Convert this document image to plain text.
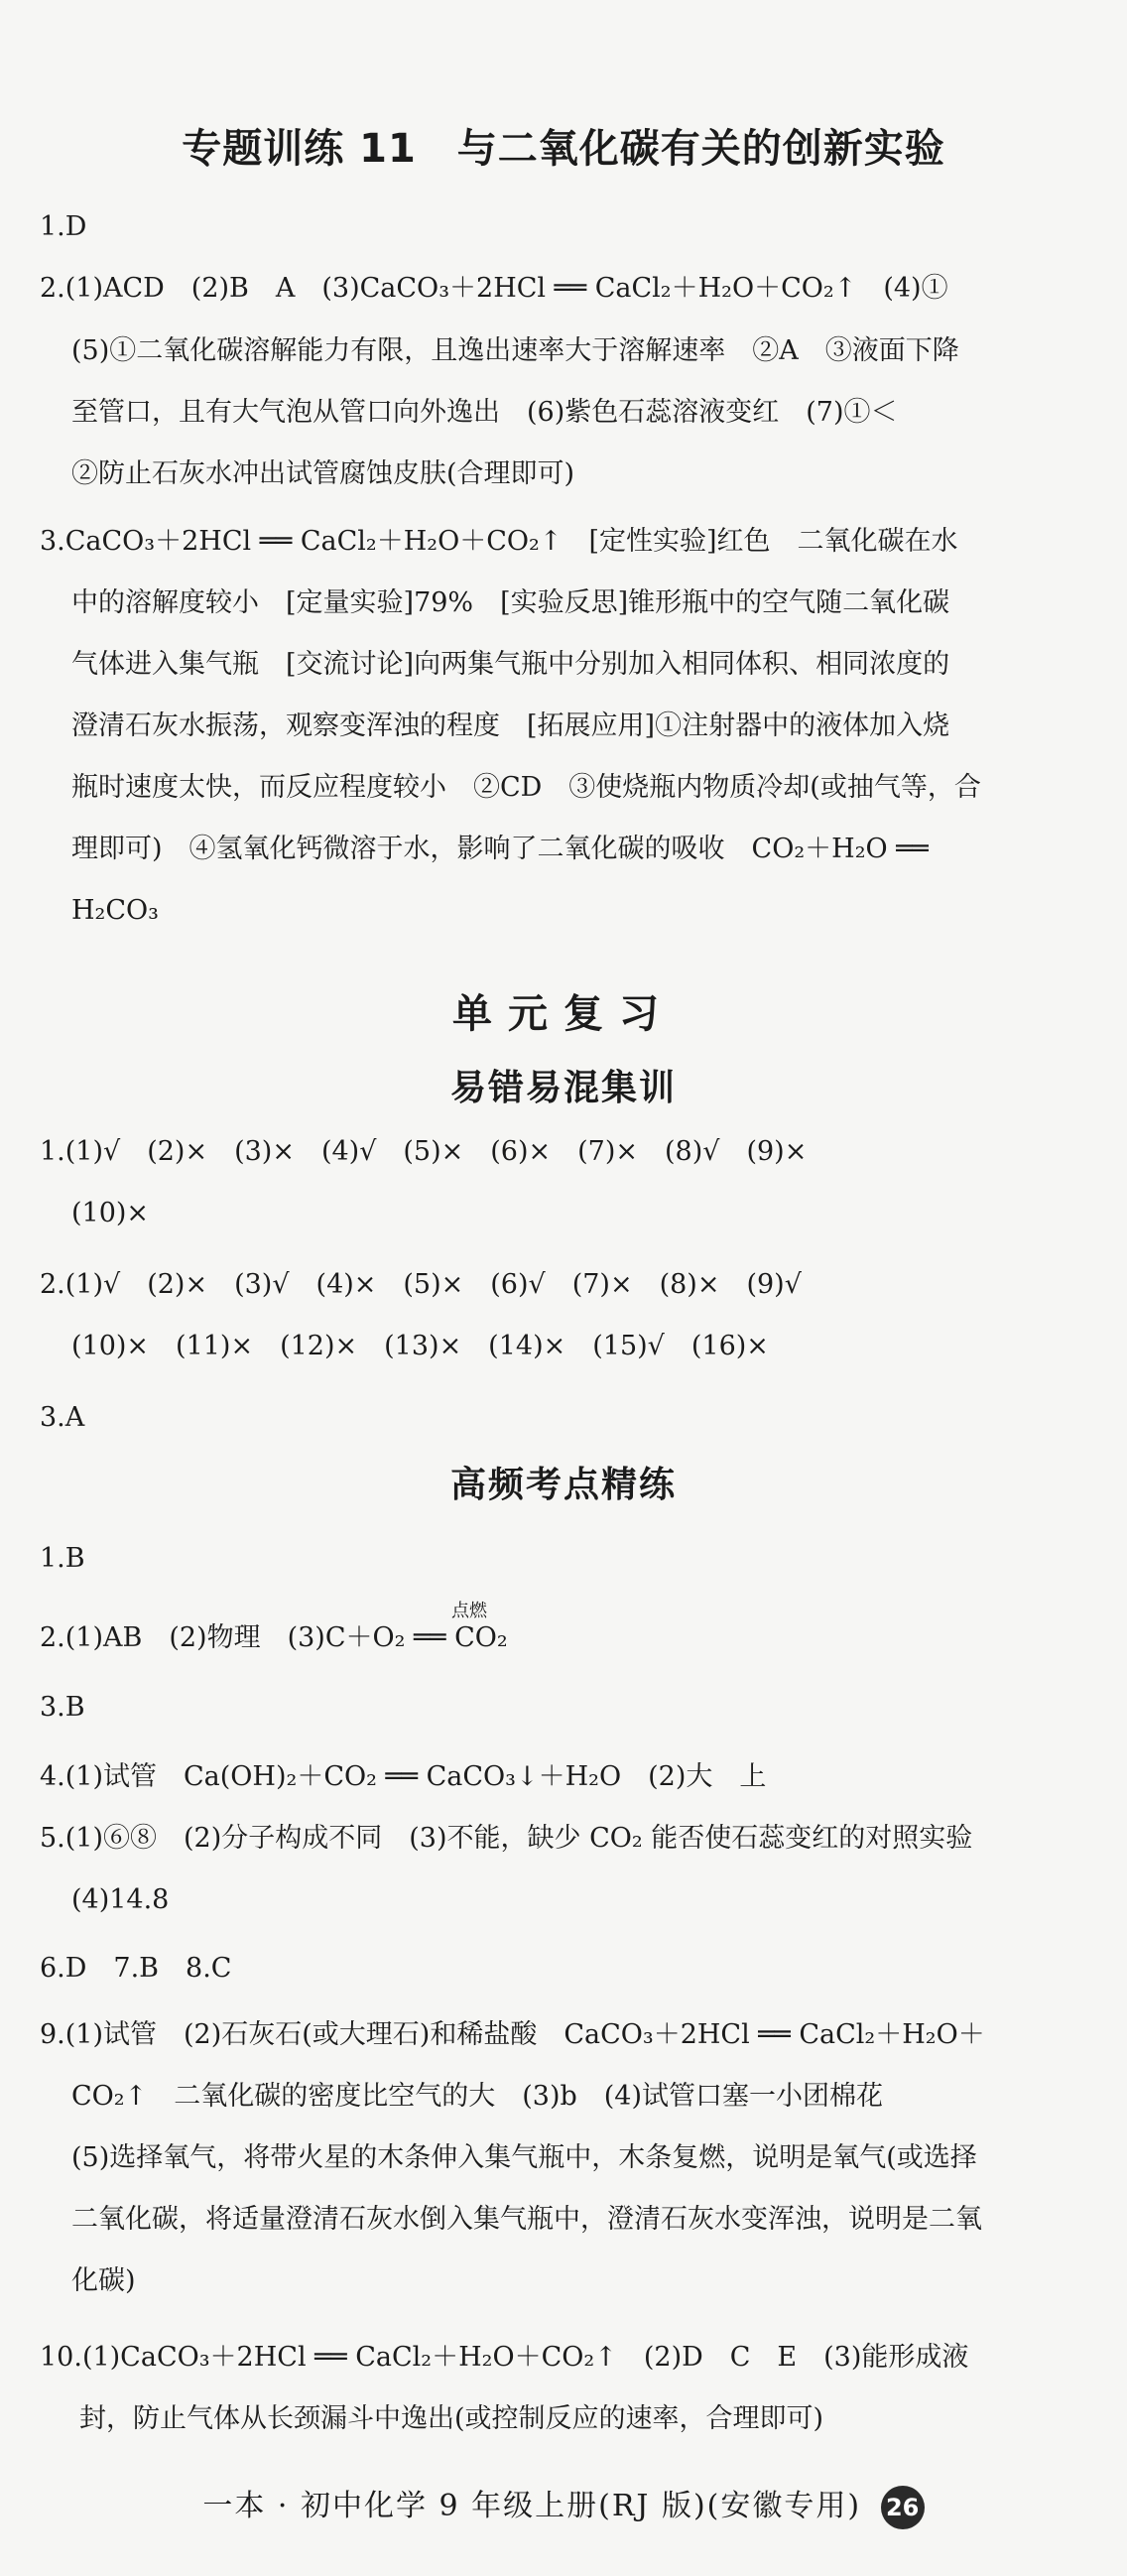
专题训练 11　与二氧化碳有关的创新实验
1.D
2.(1)ACD　(2)B　A　(3)CaCO₃＋2HCl ══ CaCl₂＋H₂O＋CO₂↑　(4)①
(5)①二氧化碳溶解能力有限，且逸出速率大于溶解速率　②A　③液面下降
至管口，且有大气泡从管口向外逸出　(6)紫色石蕊溶液变红　(7)①＜
②防止石灰水冲出试管腐蚀皮肤(合理即可)
3.CaCO₃＋2HCl ══ CaCl₂＋H₂O＋CO₂↑　[定性实验]红色　二氧化碳在水
中的溶解度较小　[定量实验]79%　[实验反思]锥形瓶中的空气随二氧化碳
气体进入集气瓶　[交流讨论]向两集气瓶中分别加入相同体积、相同浓度的
澄清石灰水振荡，观察变浑浊的程度　[拓展应用]①注射器中的液体加入烧
瓶时速度太快，而反应程度较小　②CD　③使烧瓶内物质冷却(或抽气等，合
理即可)　④氢氧化钙微溶于水，影响了二氧化碳的吸收　CO₂＋H₂O ══
H₂CO₃
单元复习
易错易混集训
1.(1)√　(2)×　(3)×　(4)√　(5)×　(6)×　(7)×　(8)√　(9)×
(10)×
2.(1)√　(2)×　(3)√　(4)×　(5)×　(6)√　(7)×　(8)×　(9)√
(10)×　(11)×　(12)×　(13)×　(14)×　(15)√　(16)×
3.A
高频考点精练
1.B
2.(1)AB　(2)物理　(3)C＋O₂ ══ CO₂
点燃
3.B
4.(1)试管　Ca(OH)₂＋CO₂ ══ CaCO₃↓＋H₂O　(2)大　上
5.(1)⑥⑧　(2)分子构成不同　(3)不能，缺少 CO₂ 能否使石蕊变红的对照实验
(4)14.8
6.D　7.B　8.C
9.(1)试管　(2)石灰石(或大理石)和稀盐酸　CaCO₃＋2HCl ══ CaCl₂＋H₂O＋
CO₂↑　二氧化碳的密度比空气的大　(3)b　(4)试管口塞一小团棉花
(5)选择氧气，将带火星的木条伸入集气瓶中，木条复燃，说明是氧气(或选择
二氧化碳，将适量澄清石灰水倒入集气瓶中，澄清石灰水变浑浊，说明是二氧
化碳)
10.(1)CaCO₃＋2HCl ══ CaCl₂＋H₂O＋CO₂↑　(2)D　C　E　(3)能形成液
封，防止气体从长颈漏斗中逸出(或控制反应的速率，合理即可)
一本 · 初中化学 9 年级上册(RJ 版)(安徽专用) 26
